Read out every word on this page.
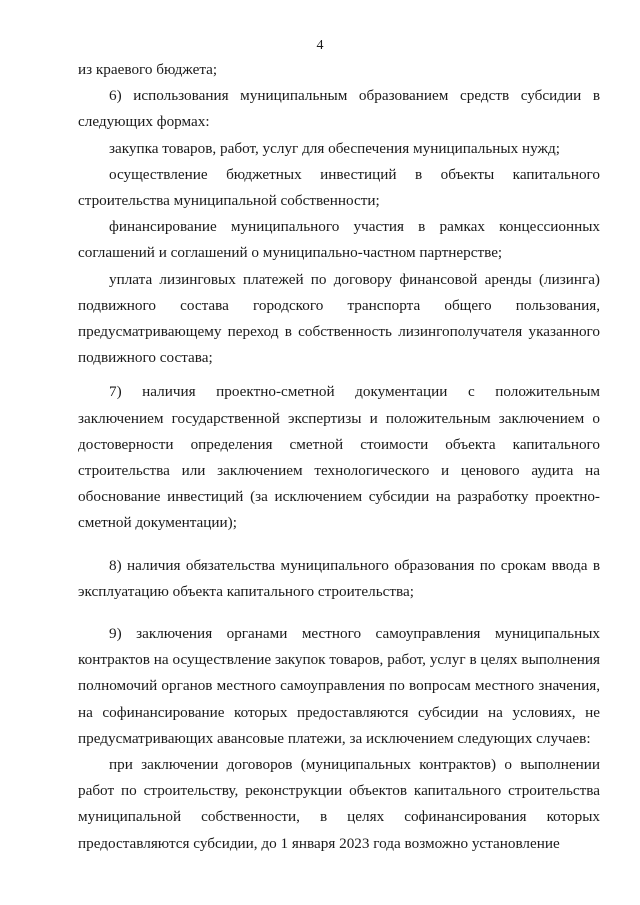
4

из краевого бюджета;

6) использования муниципальным образованием средств субсидии в следующих формах:

закупка товаров, работ, услуг для обеспечения муниципальных нужд;

осуществление бюджетных инвестиций в объекты капитального строительства муниципальной собственности;

финансирование муниципального участия в рамках концессионных соглашений и соглашений о муниципально-частном партнерстве;

уплата лизинговых платежей по договору финансовой аренды (лизинга) подвижного состава городского транспорта общего пользования, предусматривающему переход в собственность лизингополучателя указанного подвижного состава;

7) наличия проектно-сметной документации с положительным заключением государственной экспертизы и положительным заключением о достоверности определения сметной стоимости объекта капитального строительства или заключением технологического и ценового аудита на обоснование инвестиций (за исключением субсидии на разработку проектно-сметной документации);

8) наличия обязательства муниципального образования по срокам ввода в эксплуатацию объекта капитального строительства;

9) заключения органами местного самоуправления муниципальных контрактов на осуществление закупок товаров, работ, услуг в целях выполнения полномочий органов местного самоуправления по вопросам местного значения, на софинансирование которых предоставляются субсидии на условиях, не предусматривающих авансовые платежи, за исключением следующих случаев:

при заключении договоров (муниципальных контрактов) о выполнении работ по строительству, реконструкции объектов капитального строительства муниципальной собственности, в целях софинансирования которых предоставляются субсидии, до 1 января 2023 года возможно установление
